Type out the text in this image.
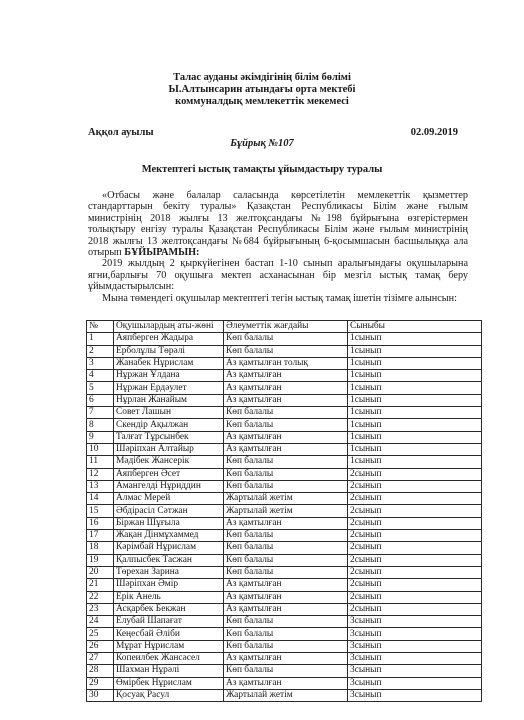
Талас ауданы әкімдігінің білім бөлімі
Ы.Алтынсарин атындағы орта мектебі
коммуналдық мемлекеттік мекемесі
Аққол ауылы	02.09.2019
Бұйрық №107
Мектептегі ыстық тамақты ұйымдастыру туралы

«Отбасы және балалар саласында көрсетілетін мемлекеттік қызметтер стандарттарын бекіту туралы» Қазақстан Республикасы Білім және ғылым министрінің 2018 жылғы 13 желтоқсандағы №198 бұйрығына өзгерістермен толықтыру енгізу туралы Қазақстан Республикасы Білім және ғылым министрінің 2018 жылғы 13 желтоқсандағы №684 бұйрығының 6-қосымшасын басшылыққа ала отырып БҰЙЫРАМЫН:

2019 жылдың 2 қыркүйегінен бастап 1-10 сынып аралығындағы оқушыларына ягни,барлығы 70 оқушыға мектеп асханасынан бір мезгіл ыстық тамақ беру ұйымдастырылсын:

Мына төмендегі оқушылар мектептегі тегін ыстық тамақ ішетін тізімге алынсын:
№	Оқушылардың аты-жөні	Әлеуметтік жағдайы	Сыныбы
1	Аяпберген Жадыра	Көп балалы	1сынып
2	Ерболұлы Төрәлі	Көп балалы	1сынып
3	Жанабек Нұрислам	Аз қамтылған толық	1сынып
4	Нұржан Ұлдана	Аз қамтылған	1сынып
5	Нұржан Ердәулет	Аз қамтылған	1сынып
6	Нұрлан Жанайым	Аз қамтылған	1сынып
7	Совет Лашын	Көп балалы	1сынып
8	Скендір Ақылжан	Көп балалы	1сынып
9	Талғат Тұрсынбек	Аз қамтылған	1сынып
10	Шәріпхан Алтайыр	Аз қамтылған	1сынып
11	Мәдібек Жансерік	Көп балалы	1сынып
12	Аяпберген Әсет	Көп балалы	2сынып
13	Амангелді Нұриддин	Көп балалы	2сынып
14	Алмас Мерей	Жартылай жетім	2сынып
15	Әбдірасіл Сәтжан	Жартылай жетім	2сынып
16	Біржан Шұғыла	Аз қамтылған	2сынып
17	Жақан Дінмұхаммед	Көп балалы	2сынып
18	Кәрімбай Нұрислам	Көп балалы	2сынып
19	Қалпысбек Тасжан	Көп балалы	2сынып
20	Төрехан Зарина	Көп балалы	2сынып
21	Шәріпхан Әмір	Аз қамтылған	2сынып
22	Ерік Анель	Аз қамтылған	2сынып
23	Асқарбек Бекжан	Аз қамтылған	2сынып
24	Елубай Шапағат	Көп балалы	3сынып
25	Кеңесбай Әліби	Көп балалы	3сынып
26	Мұрат Нұрислам	Көп балалы	3сынып
27	Копеилбек Жансәсел	Аз қамтылған	3сынып
28	Шахман Нұрәлі	Көп балалы	3сынып
29	Өмірбек Нұрислам	Аз қамтылған	3сынып
30	Қосуақ Расул	Жартылай жетім	3сынып
